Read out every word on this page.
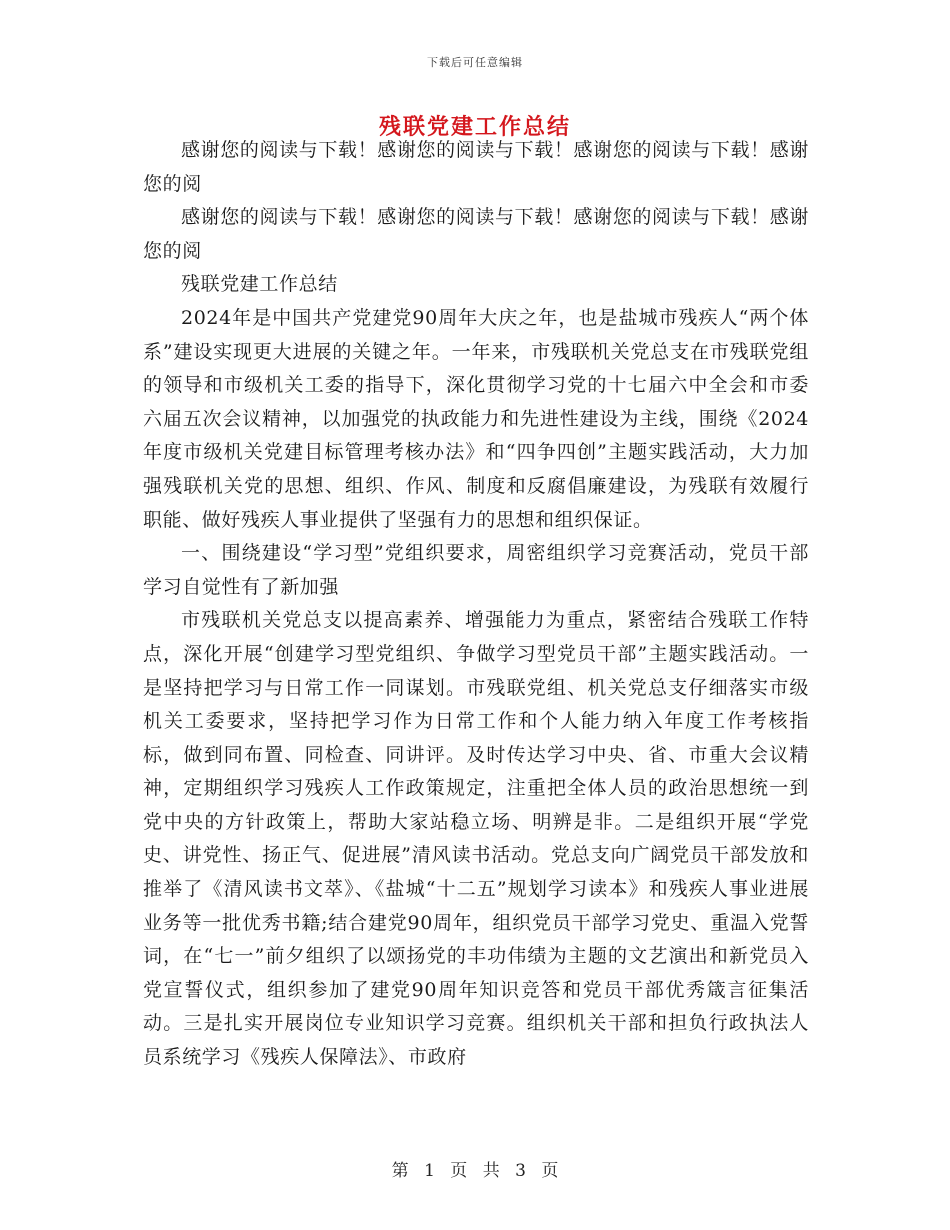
下载后可任意编辑
残联党建工作总结

感谢您的阅读与下载！感谢您的阅读与下载！感谢您的阅读与下载！感谢您的阅

感谢您的阅读与下载！感谢您的阅读与下载！感谢您的阅读与下载！感谢您的阅

残联党建工作总结

2024年是中国共产党建党90周年大庆之年，也是盐城市残疾人“两个体系”建设实现更大进展的关键之年。一年来，市残联机关党总支在市残联党组的领导和市级机关工委的指导下，深化贯彻学习党的十七届六中全会和市委六届五次会议精神，以加强党的执政能力和先进性建设为主线，围绕《2024年度市级机关党建目标管理考核办法》和“四争四创”主题实践活动，大力加强残联机关党的思想、组织、作风、制度和反腐倡廉建设，为残联有效履行职能、做好残疾人事业提供了坚强有力的思想和组织保证。

一、围绕建设“学习型”党组织要求，周密组织学习竞赛活动，党员干部学习自觉性有了新加强

市残联机关党总支以提高素养、增强能力为重点，紧密结合残联工作特点，深化开展“创建学习型党组织、争做学习型党员干部”主题实践活动。一是坚持把学习与日常工作一同谋划。市残联党组、机关党总支仔细落实市级机关工委要求，坚持把学习作为日常工作和个人能力纳入年度工作考核指标，做到同布置、同检查、同讲评。及时传达学习中央、省、市重大会议精神，定期组织学习残疾人工作政策规定，注重把全体人员的政治思想统一到党中央的方针政策上，帮助大家站稳立场、明辨是非。二是组织开展“学党史、讲党性、扬正气、促进展”清风读书活动。党总支向广阔党员干部发放和推举了《清风读书文萃》、《盐城“十二五”规划学习读本》和残疾人事业进展业务等一批优秀书籍;结合建党90周年，组织党员干部学习党史、重温入党誓词，在“七一”前夕组织了以颂扬党的丰功伟绩为主题的文艺演出和新党员入党宣誓仪式，组织参加了建党90周年知识竞答和党员干部优秀箴言征集活动。三是扎实开展岗位专业知识学习竞赛。组织机关干部和担负行政执法人员系统学习《残疾人保障法》、市政府

第 1 页 共 3 页
